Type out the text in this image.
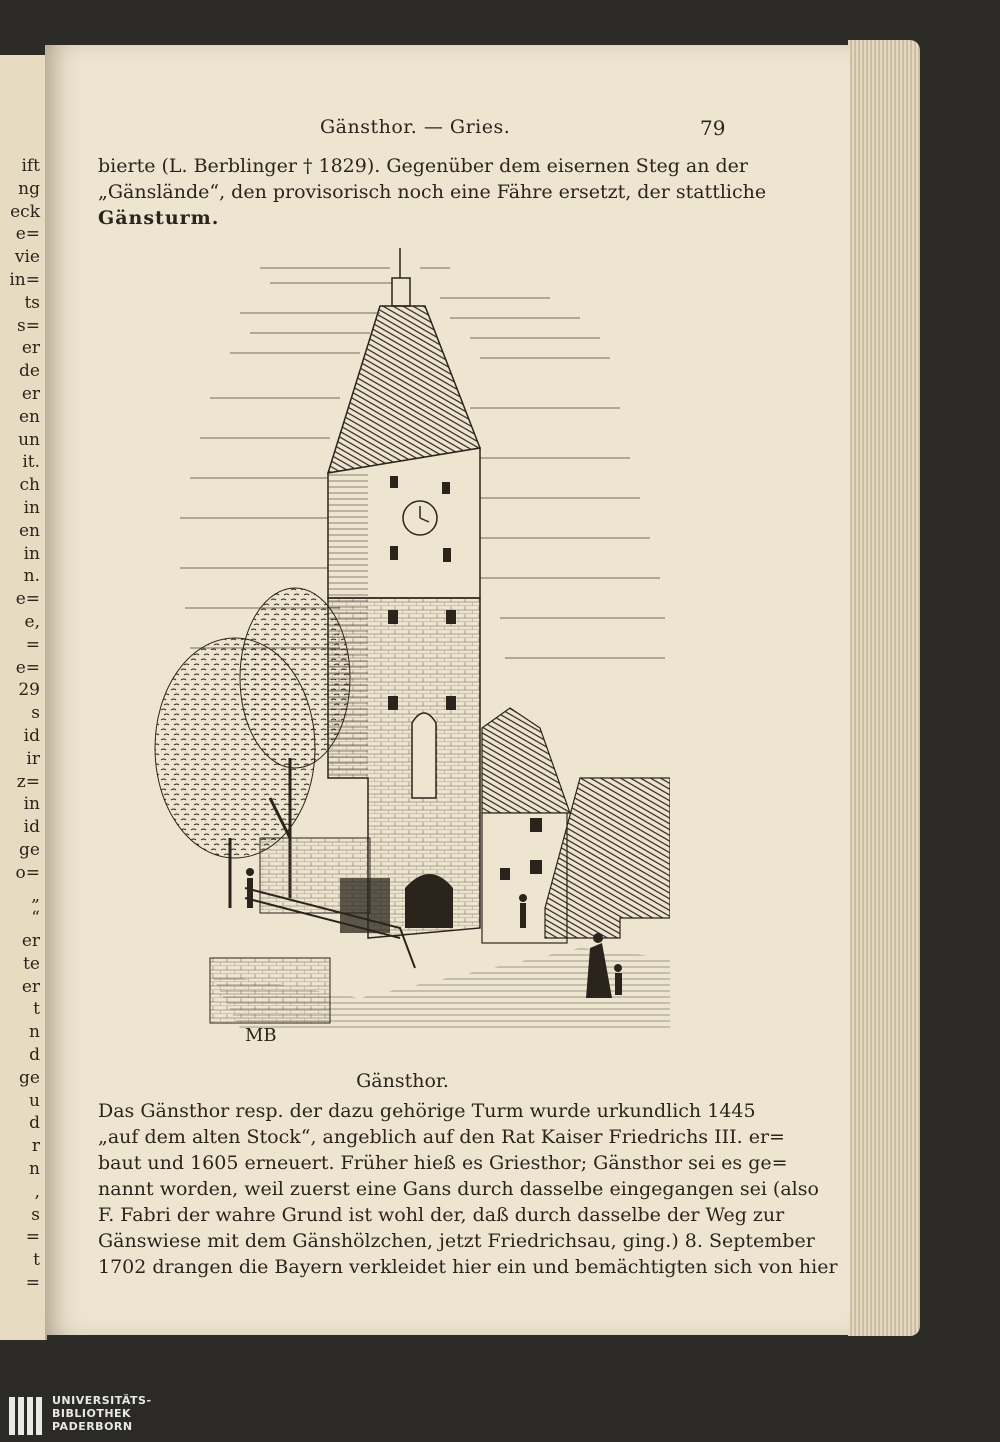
ift
ng
eck
e=
vie
in=
ts
s=
er
de
er
en
un
it.
ch
in
en
in
n.
e=
e,
=
e=
29
s
id
ir
z=
in
id
ge
o=
„
“
er
te
er
t
n
d
ge
u
d
r
n
,
s
=
t
=
Gänsthor. — Gries.	79
bierte (L. Berblinger † 1829). Gegenüber dem eisernen Steg an der
„Gänslände“, den provisorisch noch eine Fähre ersetzt, der stattliche
Gänsturm.
MB
Gänsthor.
Das Gänsthor resp. der dazu gehörige Turm wurde urkundlich 1445
„auf dem alten Stock“, angeblich auf den Rat Kaiser Friedrichs III. er=
baut und 1605 erneuert. Früher hieß es Griesthor; Gänsthor sei es ge=
nannt worden, weil zuerst eine Gans durch dasselbe eingegangen sei (also
F. Fabri der wahre Grund ist wohl der, daß durch dasselbe der Weg zur
Gänswiese mit dem Gänshölzchen, jetzt Friedrichsau, ging.) 8. September
1702 drangen die Bayern verkleidet hier ein und bemächtigten sich von hier
UNIVERSITÄTS-
BIBLIOTHEK
PADERBORN
